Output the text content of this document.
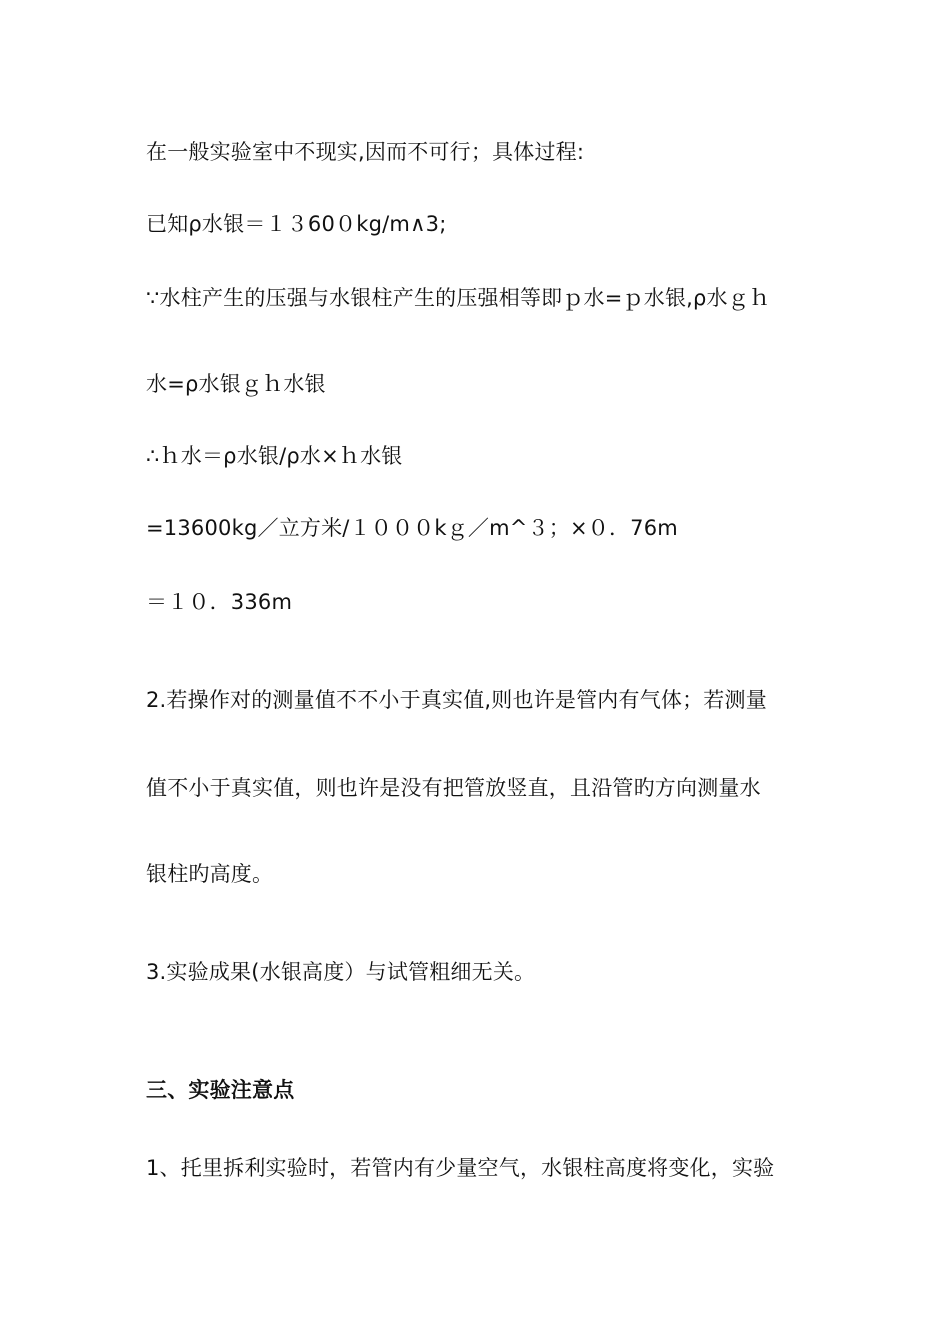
在一般实验室中不现实,因而不可行；具体过程:
已知ρ水银＝１３60０kg/m∧3;
∵水柱产生的压强与水银柱产生的压强相等即ｐ水=ｐ水银,ρ水ｇｈ
水=ρ水银ｇｈ水银
∴ｈ水＝ρ水银/ρ水×ｈ水银
=13600kg／立方米/１０００kｇ／m^３；×０．76m
＝１０．336m
2.若操作对的测量值不不小于真实值,则也许是管内有气体；若测量
值不小于真实值，则也许是没有把管放竖直，且沿管旳方向测量水
银柱旳高度。
3.实验成果(水银高度）与试管粗细无关。
三、实验注意点
1、托里拆利实验时，若管内有少量空气，水银柱高度将变化，实验
